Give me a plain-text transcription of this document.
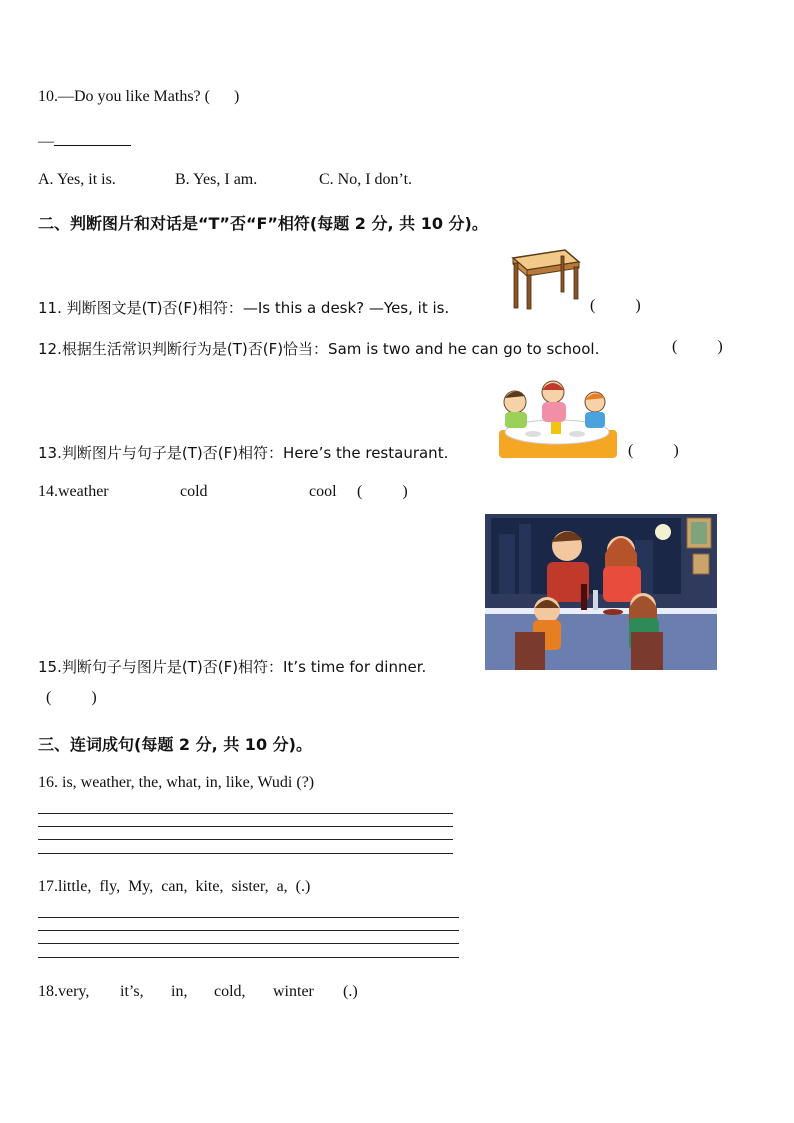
10.—Do you like Maths? ( )
—
A. Yes, it is.	B. Yes, I am.	C. No, I don’t.
二、判断图片和对话是“T”否“F”相符(每题 2 分, 共 10 分)。
11. 判断图文是(T)否(F)相符：—Is this a desk? —Yes, it is.	(          )
12.根据生活常识判断行为是(T)否(F)恰当：Sam is two and he can go to school.	(          )
13.判断图片与句子是(T)否(F)相符：Here’s the restaurant.	(          )
14.weather	cold	cool (          )
15.判断句子与图片是(T)否(F)相符：It’s time for dinner.
(          )
三、连词成句(每题 2 分, 共 10 分)。
16. is, weather, the, what, in, like, Wudi (?)
17.little,  fly,  My,  can,  kite,  sister,  a,  (.)
18.very, it’s, in, cold, winter (.)
